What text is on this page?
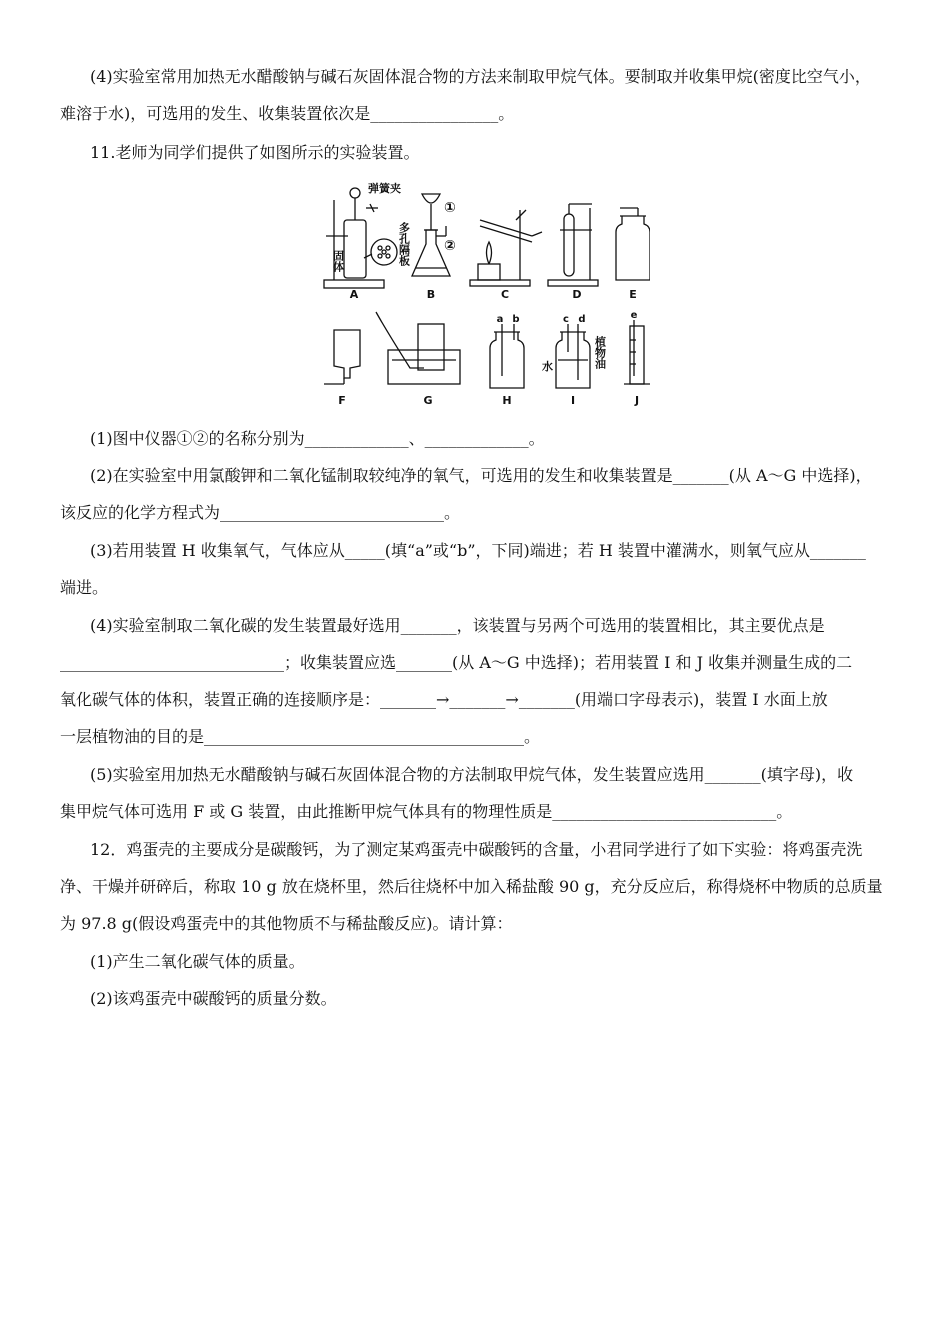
(4)实验室常用加热无水醋酸钠与碱石灰固体混合物的方法来制取甲烷气体。要制取并收集甲烷(密度比空气小，
难溶于水)，可选用的发生、收集装置依次是________________。
11.老师为同学们提供了如图所示的实验装置。
A	B	C	D	E
F	G	H	I	J
弹簧夹
固体	多孔隔板
①
②
水	植物油
a b	c d	e
(1)图中仪器①②的名称分别为_____________、_____________。
(2)在实验室中用氯酸钾和二氧化锰制取较纯净的氧气，可选用的发生和收集装置是_______(从 A～G 中选择)，
该反应的化学方程式为____________________________。
(3)若用装置 H 收集氧气，气体应从_____(填“a”或“b”，下同)端进；若 H 装置中灌满水，则氧气应从_______
端进。
(4)实验室制取二氧化碳的发生装置最好选用_______，该装置与另两个可选用的装置相比，其主要优点是
____________________________；收集装置应选_______(从 A～G 中选择)；若用装置 I 和 J 收集并测量生成的二
氧化碳气体的体积，装置正确的连接顺序是：_______→_______→_______(用端口字母表示)，装置 I 水面上放
一层植物油的目的是________________________________________。
(5)实验室用加热无水醋酸钠与碱石灰固体混合物的方法制取甲烷气体，发生装置应选用_______(填字母)，收
集甲烷气体可选用 F 或 G 装置，由此推断甲烷气体具有的物理性质是____________________________。
12．鸡蛋壳的主要成分是碳酸钙，为了测定某鸡蛋壳中碳酸钙的含量，小君同学进行了如下实验：将鸡蛋壳洗
净、干燥并研碎后，称取 10 g 放在烧杯里，然后往烧杯中加入稀盐酸 90 g，充分反应后，称得烧杯中物质的总质量
为 97.8 g(假设鸡蛋壳中的其他物质不与稀盐酸反应)。请计算：
(1)产生二氧化碳气体的质量。
(2)该鸡蛋壳中碳酸钙的质量分数。
